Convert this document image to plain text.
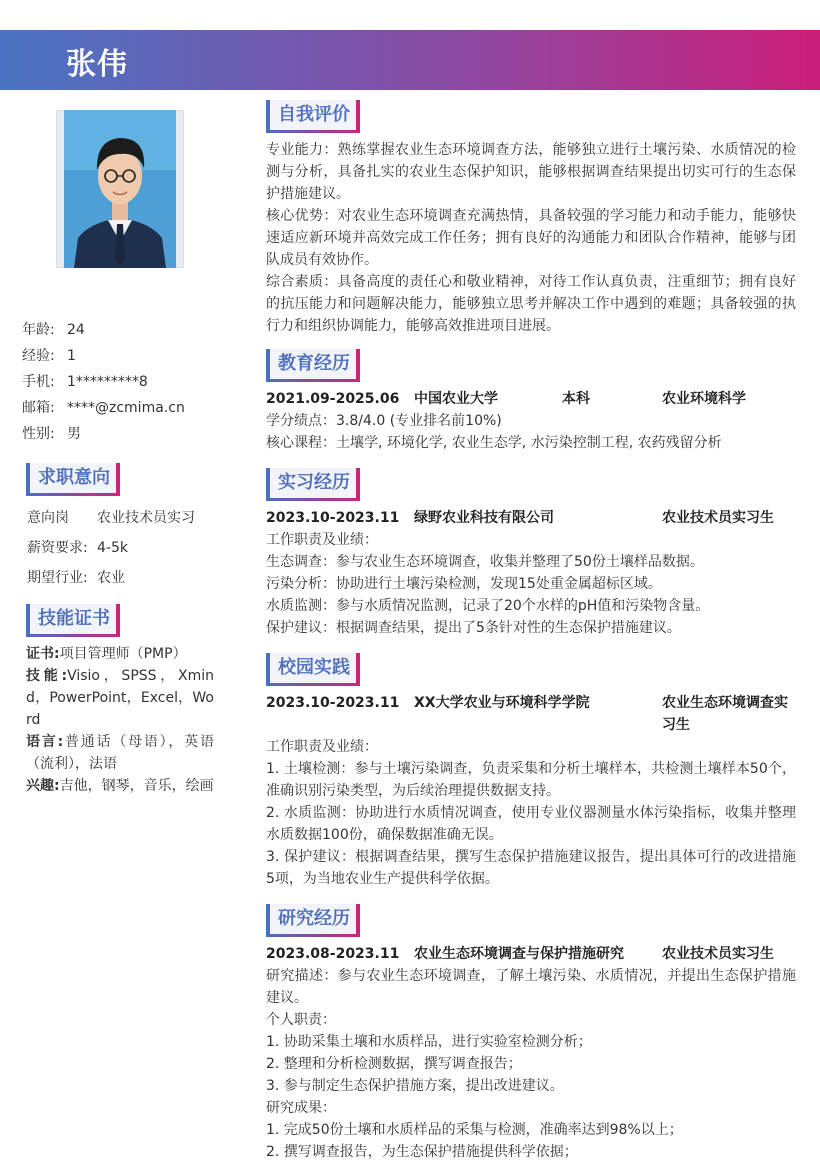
张伟
年龄: 24
经验: 1
手机: 1*********8
邮箱: ****@zcmima.cn
性别: 男
求职意向
意向岗 农业技术员实习
薪资要求: 4-5k
期望行业: 农业
技能证书

证书:项目管理师（PMP）

技能:Visio，SPSS，Xmind，PowerPoint，Excel，Word

语言:普通话（母语），英语（流利），法语

兴趣:吉他，钢琴，音乐，绘画

自我评价

专业能力：熟练掌握农业生态环境调查方法，能够独立进行土壤污染、水质情况的检测与分析，具备扎实的农业生态保护知识，能够根据调查结果提出切实可行的生态保护措施建议。

核心优势：对农业生态环境调查充满热情，具备较强的学习能力和动手能力，能够快速适应新环境并高效完成工作任务；拥有良好的沟通能力和团队合作精神，能够与团队成员有效协作。

综合素质：具备高度的责任心和敬业精神，对待工作认真负责，注重细节；拥有良好的抗压能力和问题解决能力，能够独立思考并解决工作中遇到的难题；具备较强的执行力和组织协调能力，能够高效推进项目进展。

教育经历
2021.09-2025.06 中国农业大学	本科	农业环境科学

学分绩点：3.8/4.0 (专业排名前10%)

核心课程：土壤学, 环境化学, 农业生态学, 水污染控制工程, 农药残留分析

实习经历
2023.10-2023.11 绿野农业科技有限公司	农业技术员实习生

工作职责及业绩：

生态调查：参与农业生态环境调查，收集并整理了50份土壤样品数据。

污染分析：协助进行土壤污染检测，发现15处重金属超标区域。

水质监测：参与水质情况监测，记录了20个水样的pH值和污染物含量。

保护建议：根据调查结果，提出了5条针对性的生态保护措施建议。

校园实践
2023.10-2023.11 XX大学农业与环境科学学院	农业生态环境调查实习生

工作职责及业绩：

1. 土壤检测：参与土壤污染调查，负责采集和分析土壤样本，共检测土壤样本50个，准确识别污染类型，为后续治理提供数据支持。

2. 水质监测：协助进行水质情况调查，使用专业仪器测量水体污染指标，收集并整理水质数据100份，确保数据准确无误。

3. 保护建议：根据调查结果，撰写生态保护措施建议报告，提出具体可行的改进措施5项，为当地农业生产提供科学依据。

研究经历
2023.08-2023.11 农业生态环境调查与保护措施研究	农业技术员实习生

研究描述：参与农业生态环境调查，了解土壤污染、水质情况，并提出生态保护措施建议。

个人职责：

1. 协助采集土壤和水质样品，进行实验室检测分析；

2. 整理和分析检测数据，撰写调查报告；

3. 参与制定生态保护措施方案，提出改进建议。

研究成果：

1. 完成50份土壤和水质样品的采集与检测，准确率达到98%以上；

2. 撰写调查报告，为生态保护措施提供科学依据；
